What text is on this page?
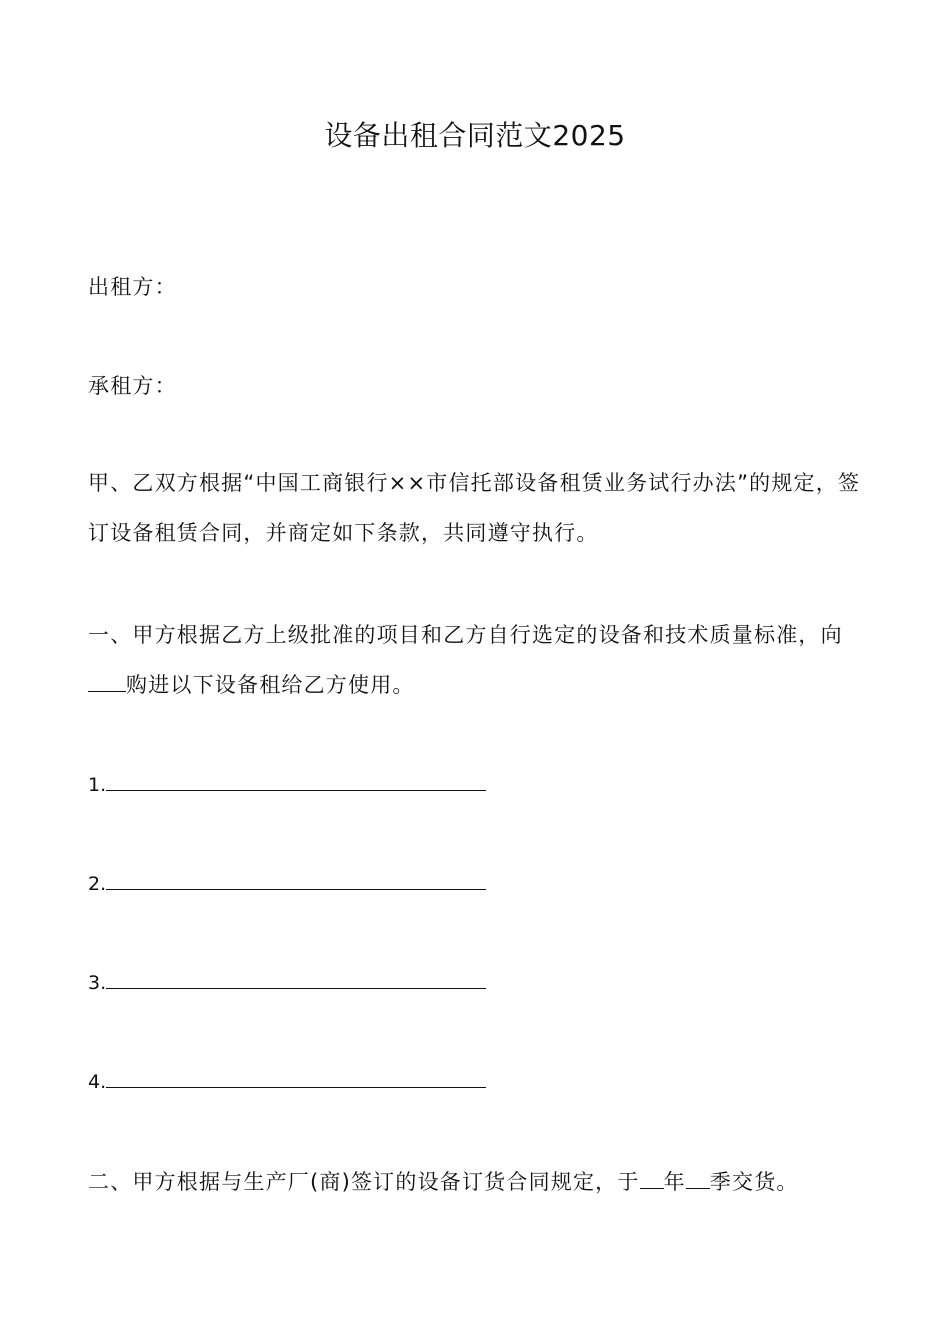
设备出租合同范文2025
出租方：
承租方：
甲、乙双方根据“中国工商银行××市信托部设备租赁业务试行办法”的规定，签订设备租赁合同，并商定如下条款，共同遵守执行。
一、甲方根据乙方上级批准的项目和乙方自行选定的设备和技术质量标准，向购进以下设备租给乙方使用。
1.
2.
3.
4.
二、甲方根据与生产厂(商)签订的设备订货合同规定，于 年 季交货。
